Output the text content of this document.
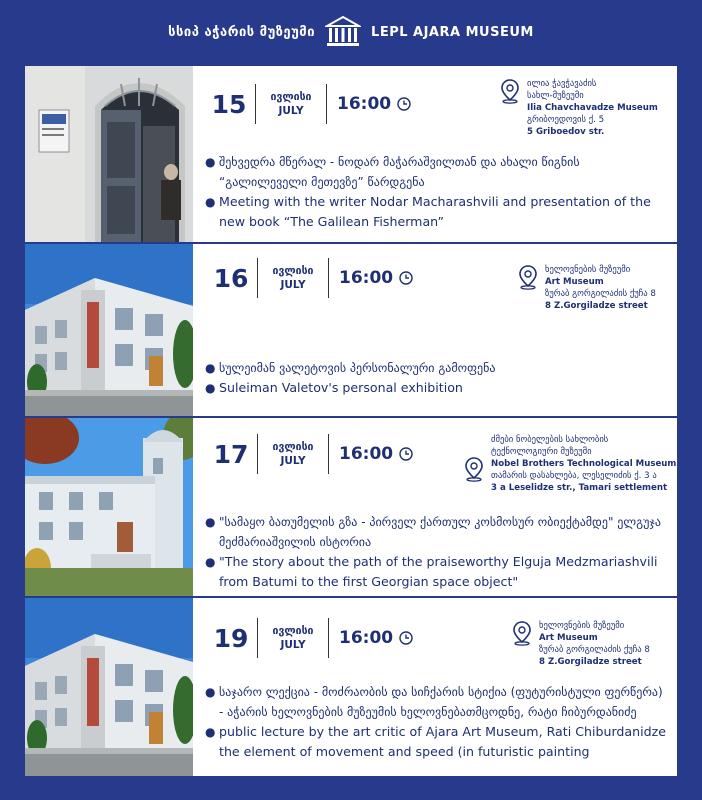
სსიპ აჭარის მუზეუმი	LEPL AJARA MUSEUM
15 ივლისი
JULY 16:00
ილია ჭავჭავაძის
სახლ-მუზეუმი
Ilia Chavchavadze Museum
გრიბოედოვის ქ. 5
5 Griboedov str.
● შეხვედრა მწერალ - ნოდარ მაჭარაშვილთან და ახალი წიგნის “გალილეველი მეთევზე” წარდგენა
● Meeting with the writer Nodar Macharashvili and presentation of the new book “The Galilean Fisherman”
16 ივლისი
JULY 16:00	ხელოვნების მუზეუმი
Art Museum
ზურაბ გორგილაძის ქუჩა 8
8 Z.Gorgiladze street
● სულეიმან ვალეტოვის პერსონალური გამოფენა
● Suleiman Valetov's personal exhibition
17 ივლისი
JULY 16:00
ძმები ნობელების სახლობის
ტექნოლოგიური მუზეუმი
Nobel Brothers Technological Museum
თამარის დასახლება, ლესელიძის ქ. 3 ა
3 a Leselidze str., Tamari settlement
● "სამაყო ბათუმელის გზა - პირველ ქართულ კოსმოსურ ობიექტამდე" ელგუჯა მეძმარიაშვილის ისტორია
● "The story about the path of the praiseworthy Elguja Medzmariashvili from Batumi to the first Georgian space object"
19 ივლისი
JULY 16:00
ხელოვნების მუზეუმი
Art Museum
ზურაბ გორგილაძის ქუჩა 8
8 Z.Gorgiladze street
● საჯარო ლექცია - მოძრაობის და სიჩქარის სტიქია (ფუტურისტული ფერწერა) - აჭარის ხელოვნების მუზეუმის ხელოვნებათმცოდნე, რატი ჩიბურდანიძე
● public lecture by the art critic of Ajara Art Museum, Rati Chiburdanidze the element of movement and speed (in futuristic painting
